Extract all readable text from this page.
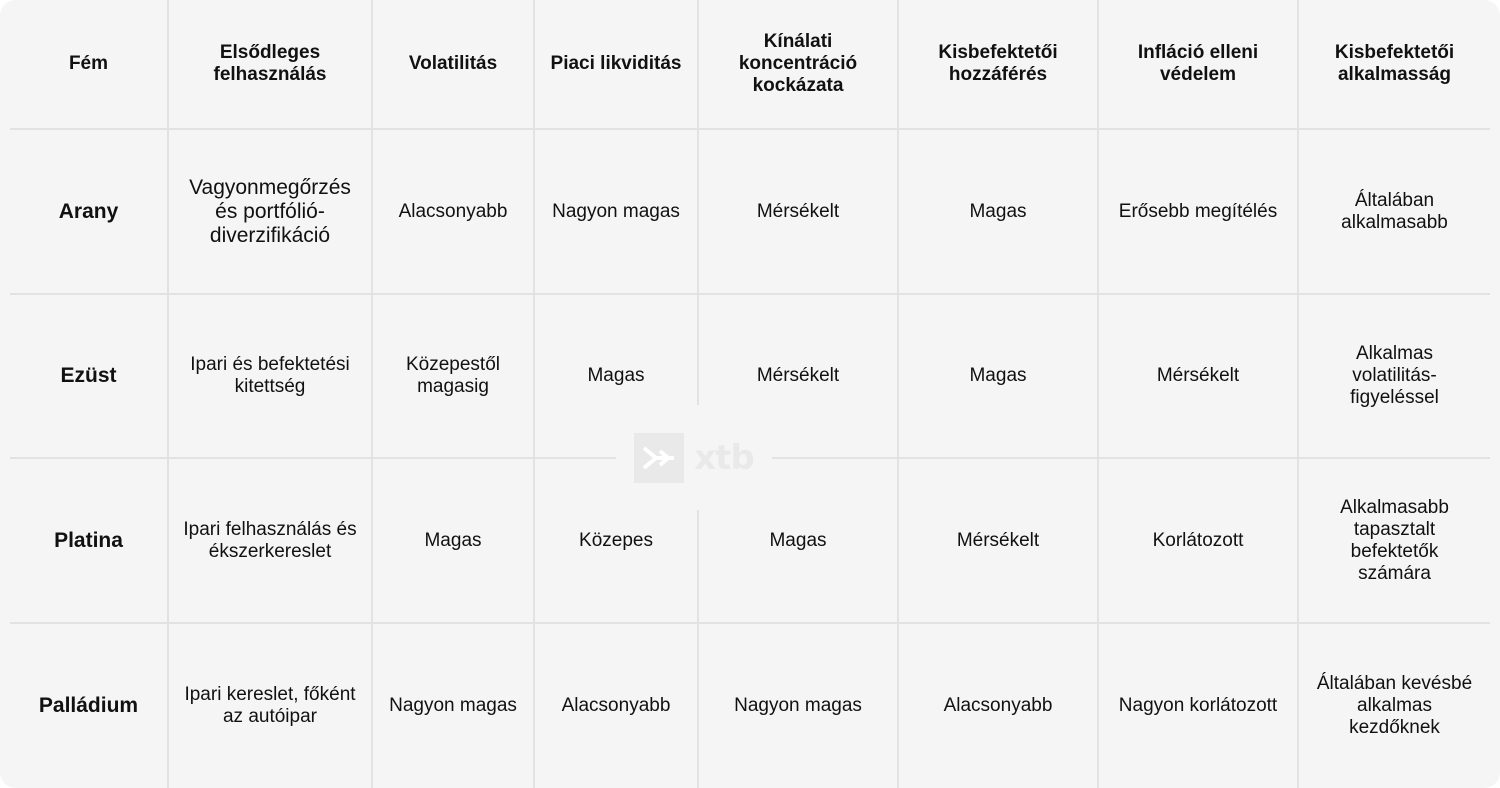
Fém	Elsődleges felhasználás	Volatilitás	Piaci likviditás	Kínálati koncentráció kockázata	Kisbefektetői hozzáférés	Infláció elleni védelem	Kisbefektetői alkalmasság
Arany	Vagyonmegőrzés és portfólió-diverzifikáció	Alacsonyabb	Nagyon magas	Mérsékelt	Magas	Erősebb megítélés	Általában alkalmasabb
Ezüst	Ipari és befektetési kitettség	Közepestől magasig	Magas	Mérsékelt	Magas	Mérsékelt	Alkalmas volatilitás-figyeléssel
Platina	Ipari felhasználás és ékszerkereslet	Magas	Közepes	Magas	Mérsékelt	Korlátozott	Alkalmasabb tapasztalt befektetők számára
Palládium	Ipari kereslet, főként az autóipar	Nagyon magas	Alacsonyabb	Nagyon magas	Alacsonyabb	Nagyon korlátozott	Általában kevésbé alkalmas kezdőknek
xtb
